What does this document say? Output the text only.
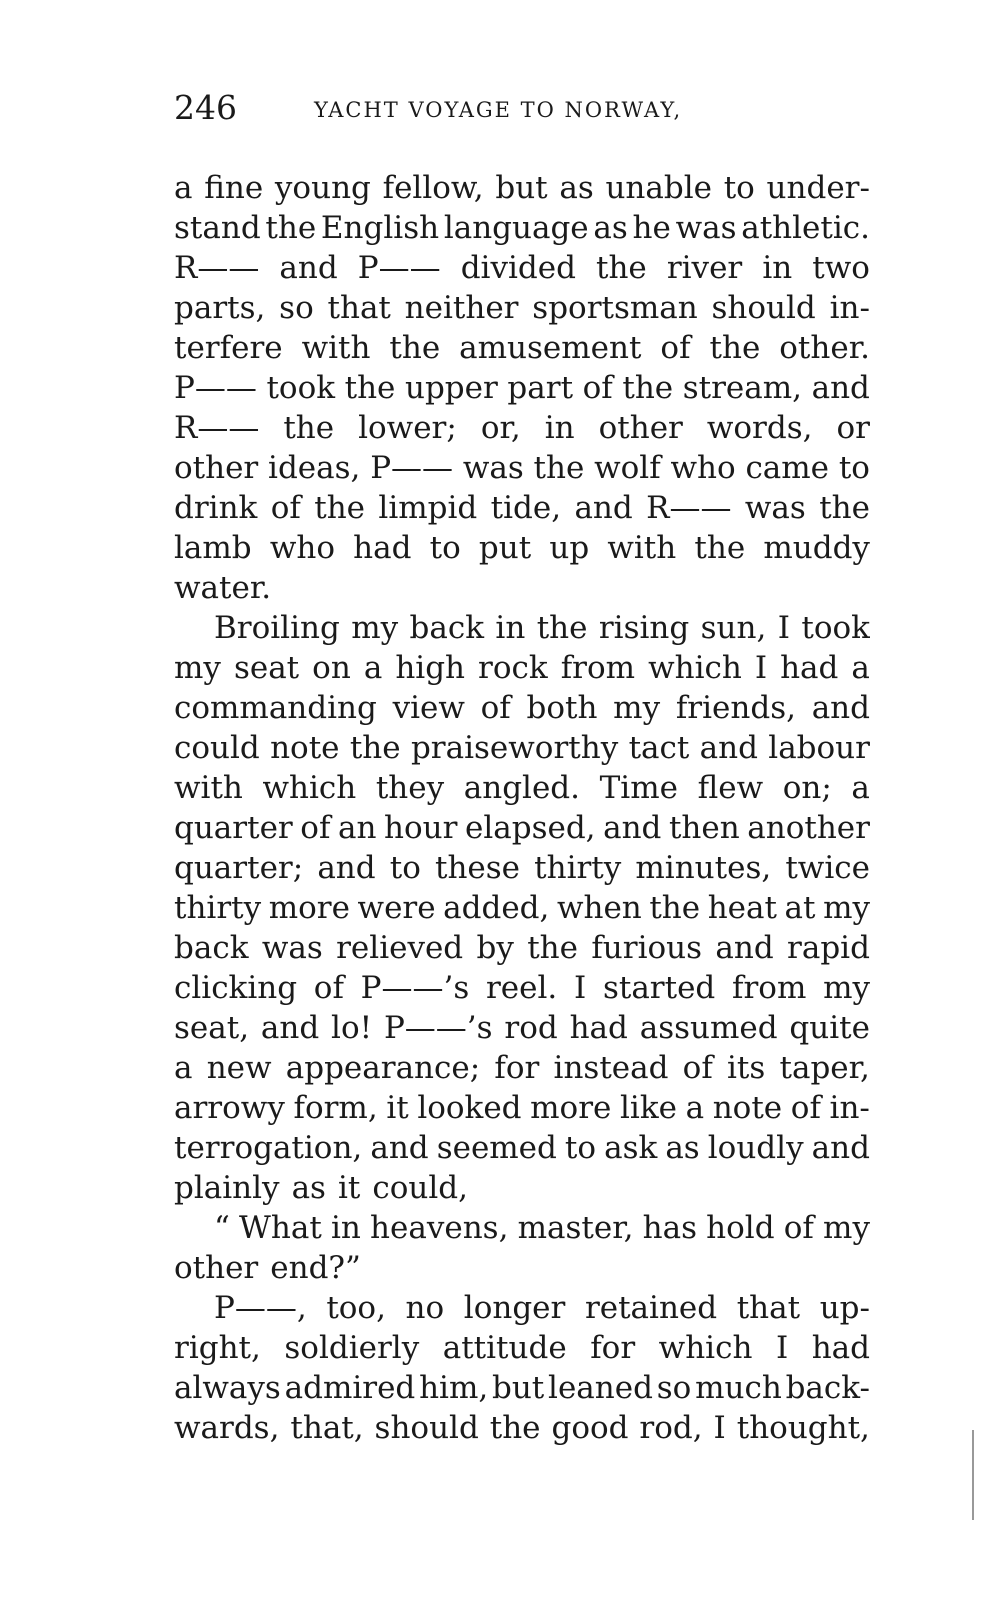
246	YACHT VOYAGE TO NORWAY,
a fine young fellow, but as unable to under-
stand the English language as he was athletic.
R—— and P—— divided the river in two
parts, so that neither sportsman should in-
terfere with the amusement of the other.
P—— took the upper part of the stream, and
R—— the lower; or, in other words, or
other ideas, P—— was the wolf who came to
drink of the limpid tide, and R—— was the
lamb who had to put up with the muddy
water.
Broiling my back in the rising sun, I took
my seat on a high rock from which I had a
commanding view of both my friends, and
could note the praiseworthy tact and labour
with which they angled. Time flew on; a
quarter of an hour elapsed, and then another
quarter; and to these thirty minutes, twice
thirty more were added, when the heat at my
back was relieved by the furious and rapid
clicking of P——’s reel. I started from my
seat, and lo! P——’s rod had assumed quite
a new appearance; for instead of its taper,
arrowy form, it looked more like a note of in-
terrogation, and seemed to ask as loudly and
plainly as it could,
“ What in heavens, master, has hold of my
other end?”
P——, too, no longer retained that up-
right, soldierly attitude for which I had
always admired him, but leaned so much back-
wards, that, should the good rod, I thought,
